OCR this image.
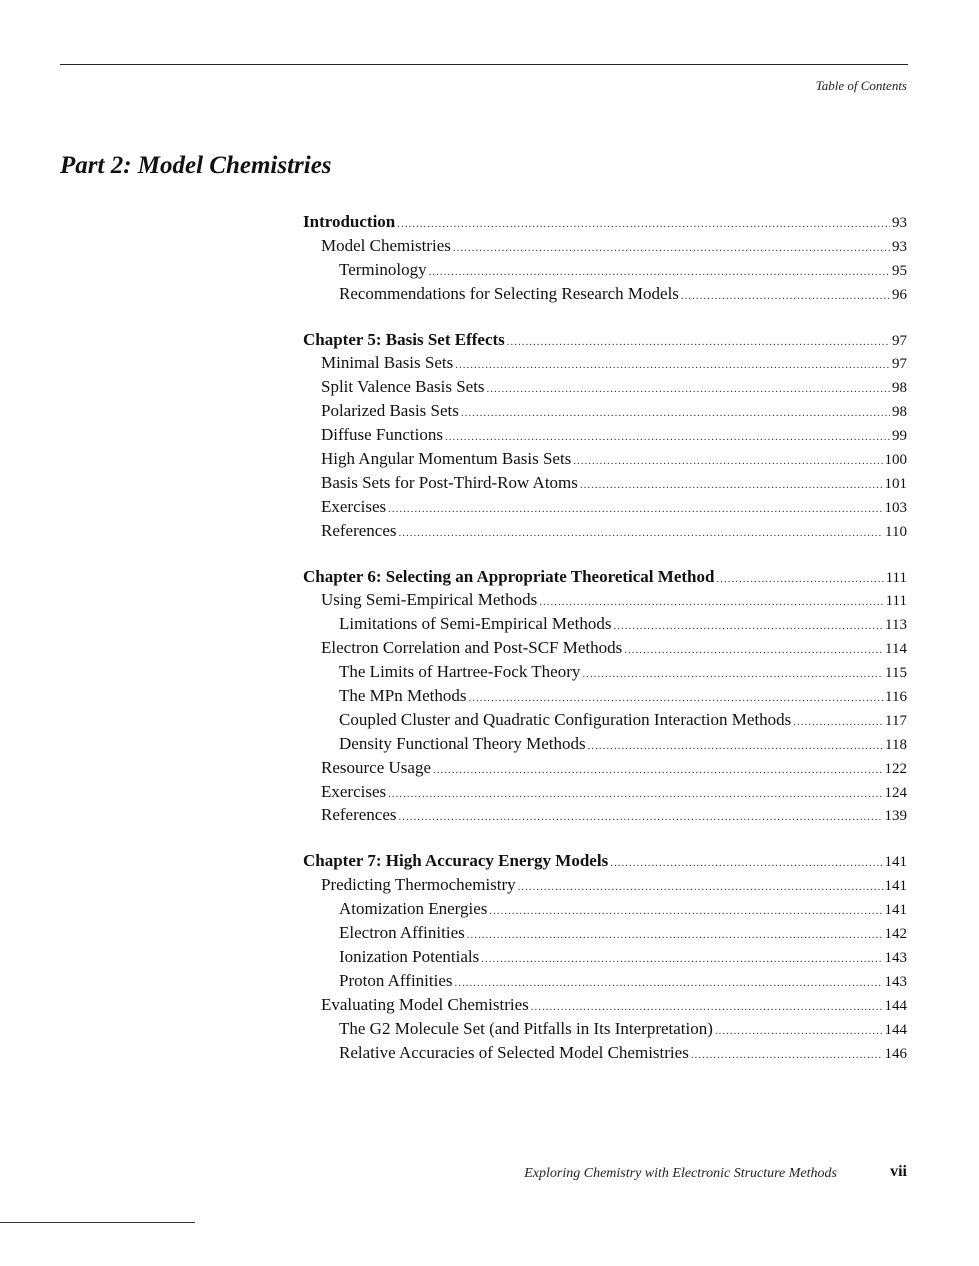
Table of Contents
Part 2: Model Chemistries
Introduction .....	93
Model Chemistries .....	93
Terminology .....	95
Recommendations for Selecting Research Models .....	96
Chapter 5: Basis Set Effects .....	97
Minimal Basis Sets .....	97
Split Valence Basis Sets .....	98
Polarized Basis Sets .....	98
Diffuse Functions .....	99
High Angular Momentum Basis Sets .....	100
Basis Sets for Post-Third-Row Atoms .....	101
Exercises .....	103
References .....	110
Chapter 6: Selecting an Appropriate Theoretical Method .....	111
Using Semi-Empirical Methods .....	111
Limitations of Semi-Empirical Methods .....	113
Electron Correlation and Post-SCF Methods .....	114
The Limits of Hartree-Fock Theory .....	115
The MPn Methods .....	116
Coupled Cluster and Quadratic Configuration Interaction Methods .....	117
Density Functional Theory Methods .....	118
Resource Usage .....	122
Exercises .....	124
References .....	139
Chapter 7: High Accuracy Energy Models .....	141
Predicting Thermochemistry .....	141
Atomization Energies .....	141
Electron Affinities .....	142
Ionization Potentials .....	143
Proton Affinities .....	143
Evaluating Model Chemistries .....	144
The G2 Molecule Set (and Pitfalls in Its Interpretation) .....	144
Relative Accuracies of Selected Model Chemistries .....	146
Exploring Chemistry with Electronic Structure Methods	vii
